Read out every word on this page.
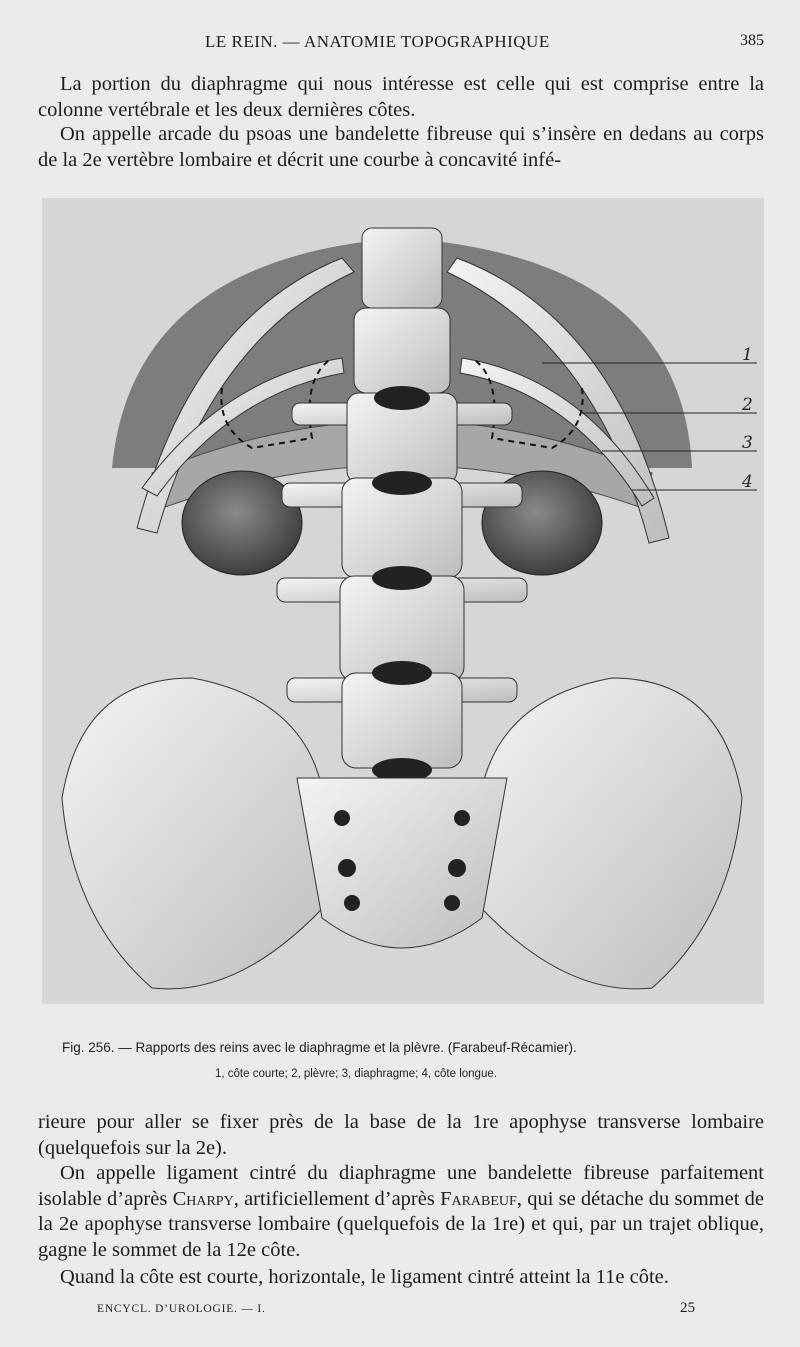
LE REIN. — ANATOMIE TOPOGRAPHIQUE	385

La portion du diaphragme qui nous intéresse est celle qui est comprise entre la colonne vertébrale et les deux dernières côtes.

On appelle arcade du psoas une bandelette fibreuse qui s’insère en dedans au corps de la 2e vertèbre lombaire et décrit une courbe à concavité infé-

1
2
3
4
Fig. 256. — Rapports des reins avec le diaphragme et la plèvre. (Farabeuf-Récamier).
1, côte courte; 2, plèvre; 3, diaphragme; 4, côte longue.

rieure pour aller se fixer près de la base de la 1re apophyse transverse lombaire (quelquefois sur la 2e).

On appelle ligament cintré du diaphragme une bandelette fibreuse parfaitement isolable d’après Charpy, artificiellement d’après Farabeuf, qui se détache du sommet de la 2e apophyse transverse lombaire (quelquefois de la 1re) et qui, par un trajet oblique, gagne le sommet de la 12e côte.

Quand la côte est courte, horizontale, le ligament cintré atteint la 11e côte.

ENCYCL. D’UROLOGIE. — I.	25
